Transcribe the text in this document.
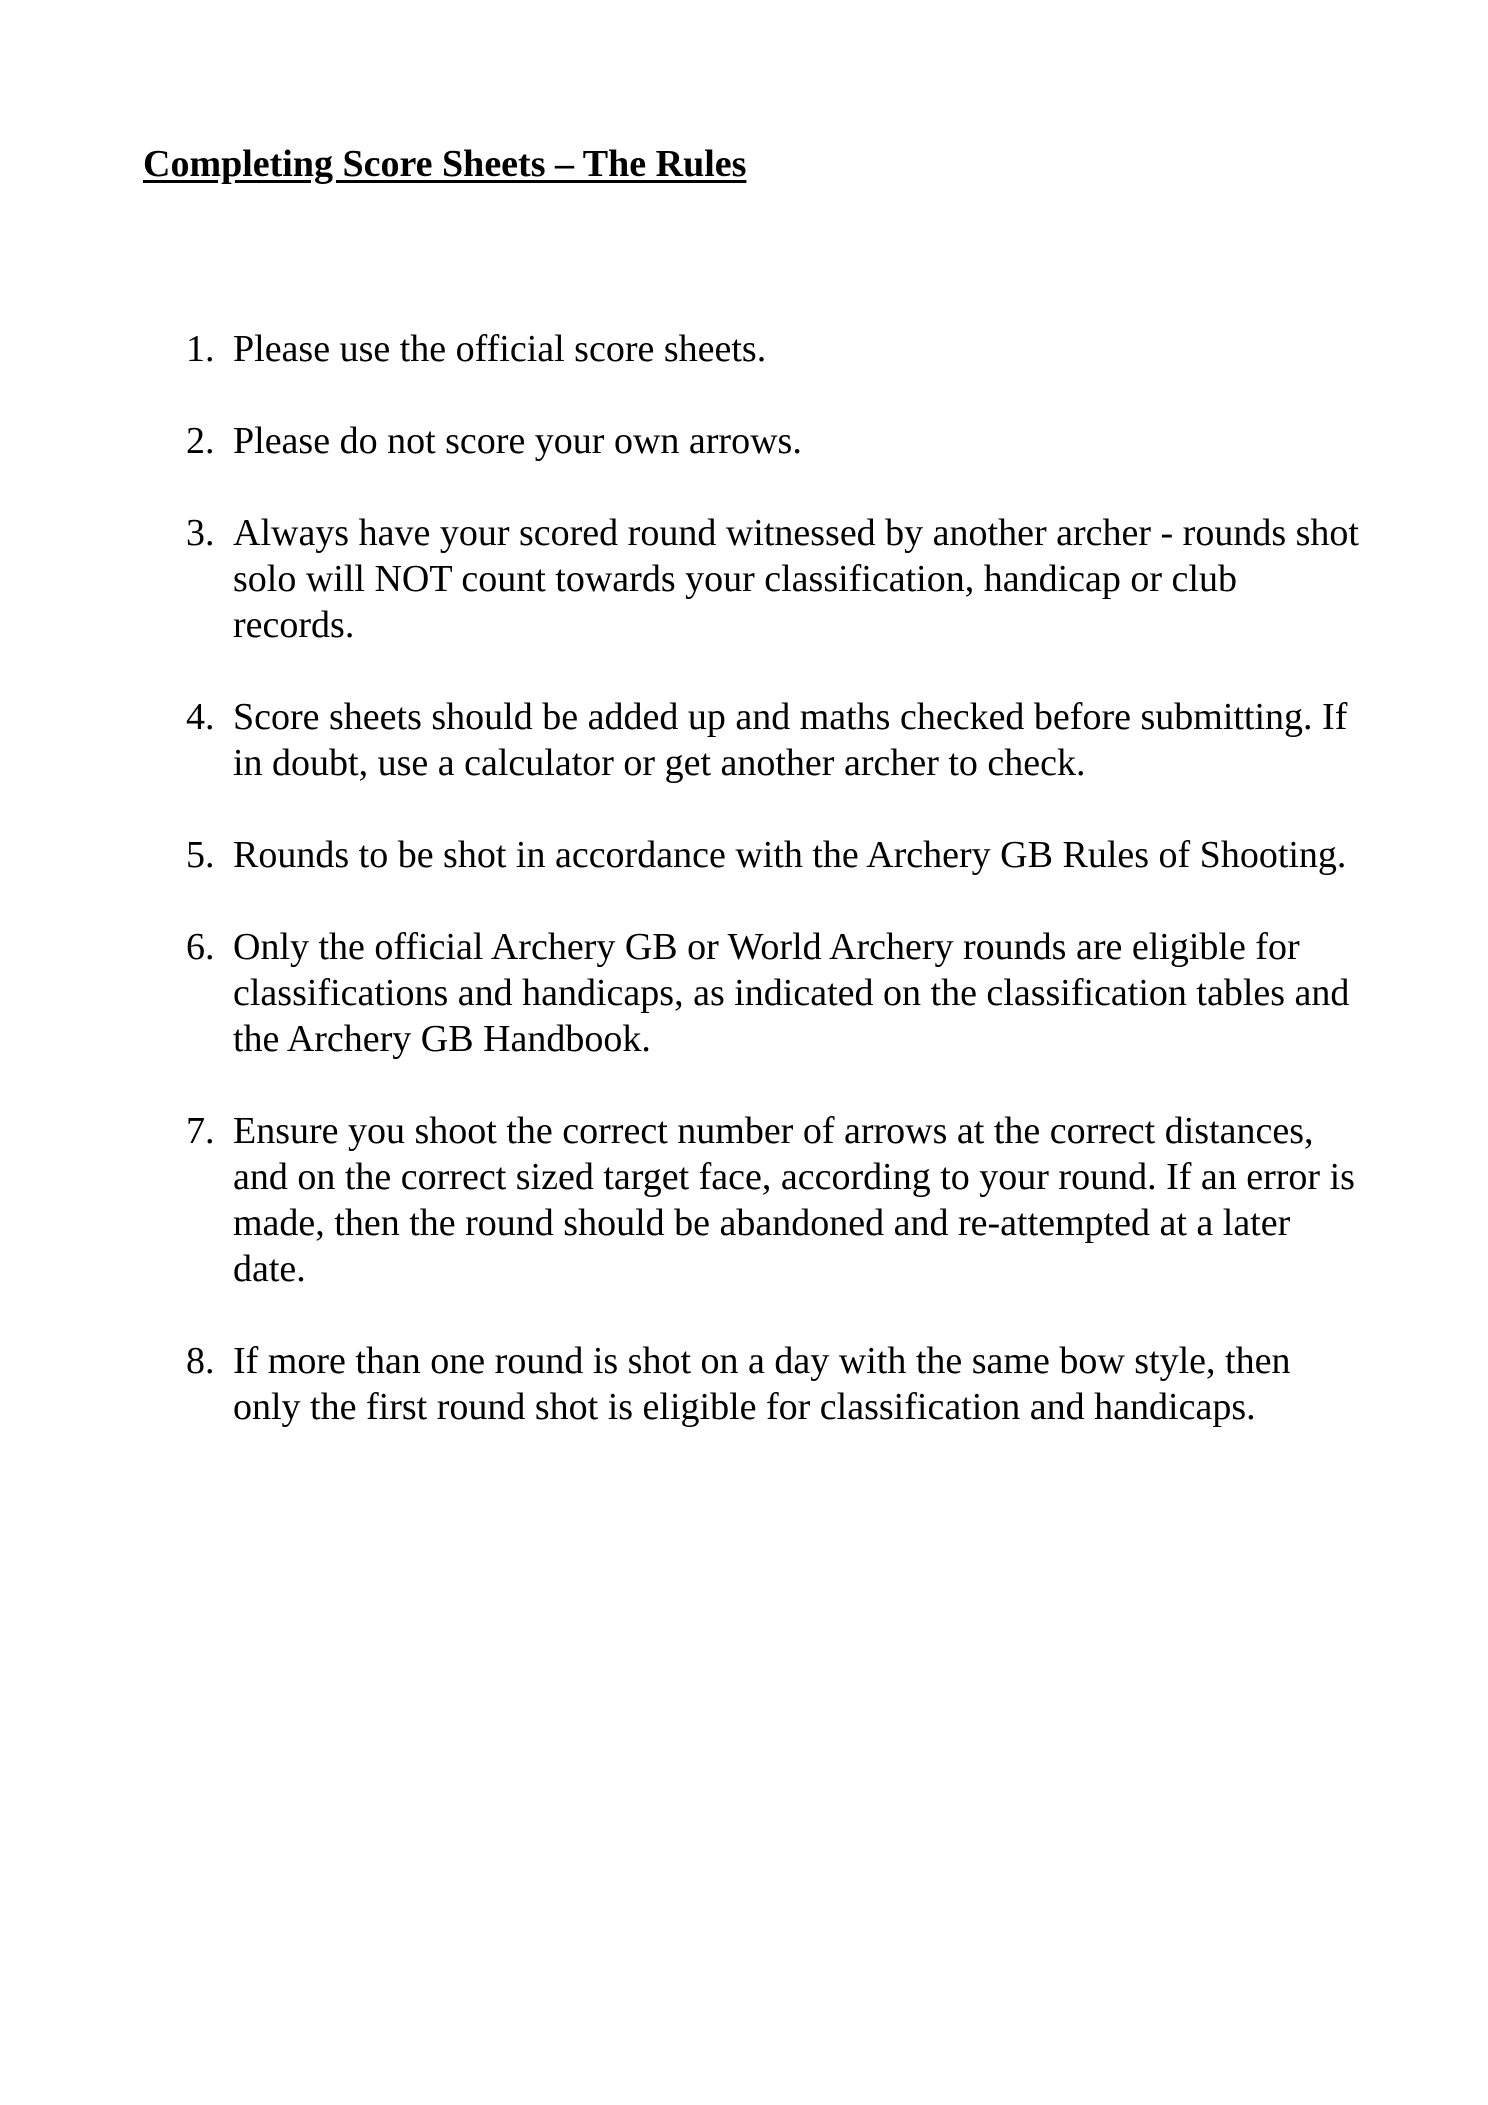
Completing Score Sheets – The Rules
1. Please use the official score sheets.
2. Please do not score your own arrows.
3. Always have your scored round witnessed by another archer - rounds shot solo will NOT count towards your classification, handicap or club records.
4. Score sheets should be added up and maths checked before submitting. If in doubt, use a calculator or get another archer to check.
5. Rounds to be shot in accordance with the Archery GB Rules of Shooting.
6. Only the official Archery GB or World Archery rounds are eligible for classifications and handicaps, as indicated on the classification tables and the Archery GB Handbook.
7. Ensure you shoot the correct number of arrows at the correct distances, and on the correct sized target face, according to your round. If an error is made, then the round should be abandoned and re-attempted at a later date.
8. If more than one round is shot on a day with the same bow style, then only the first round shot is eligible for classification and handicaps.
